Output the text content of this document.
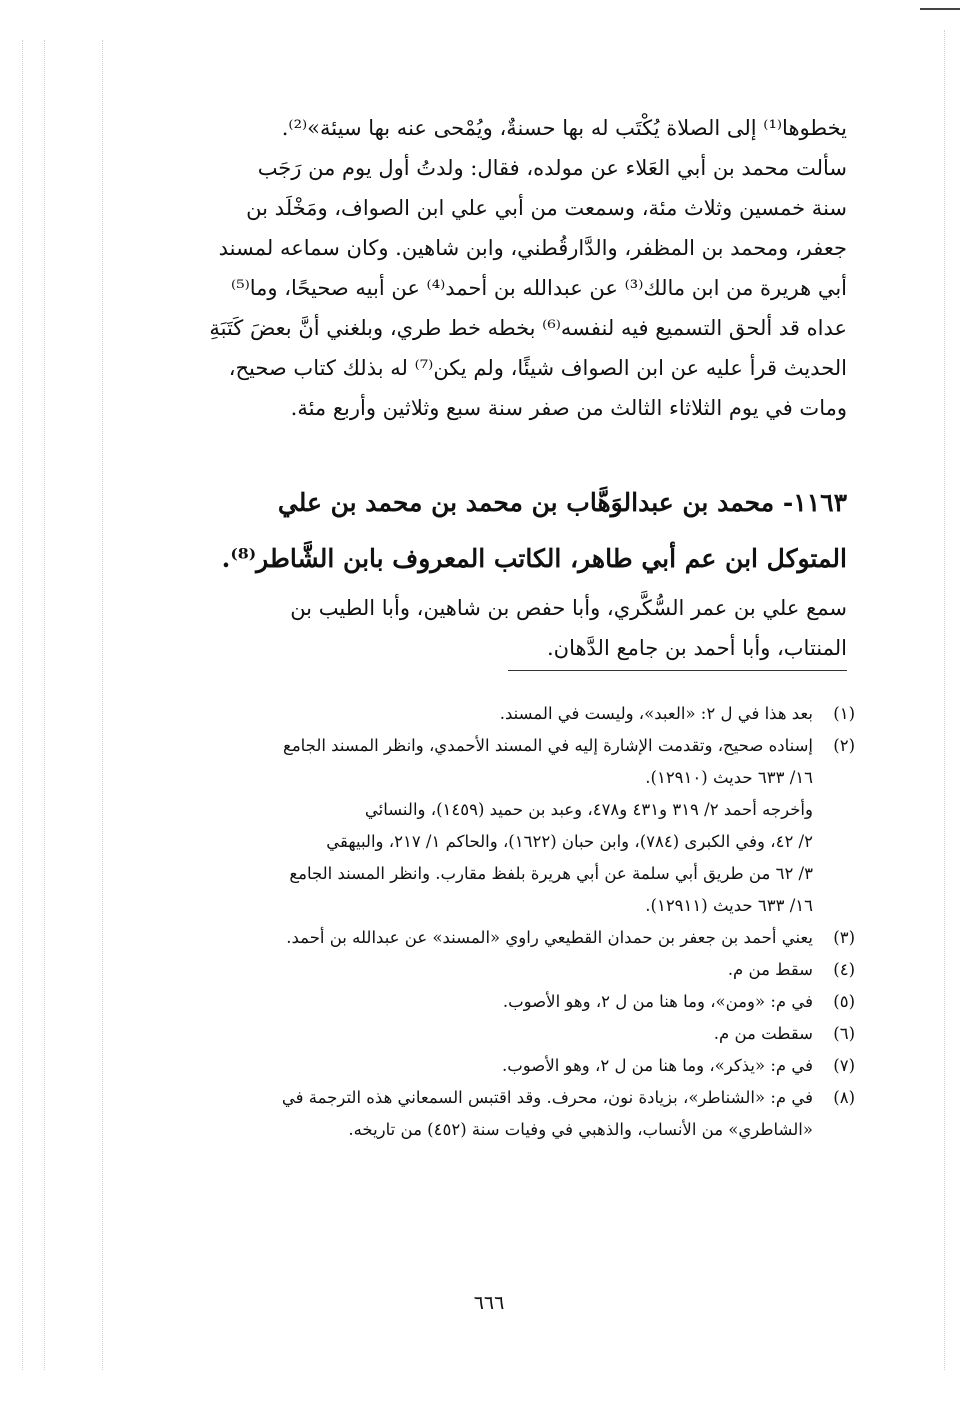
يخطوها⁽¹⁾ إلى الصلاة يُكْتَب له بها حسنةٌ، ويُمْحى عنه بها سيئة»⁽²⁾.
سألت محمد بن أبي العَلاء عن مولده، فقال: ولدتُ أول يوم من رَجَب
سنة خمسين وثلاث مئة، وسمعت من أبي علي ابن الصواف، ومَخْلَد بن
جعفر، ومحمد بن المظفر، والدَّارقُطني، وابن شاهين. وكان سماعه لمسند
أبي هريرة من ابن مالك⁽³⁾ عن عبدالله بن أحمد⁽⁴⁾ عن أبيه صحيحًا، وما⁽⁵⁾
عداه قد ألحق التسميع فيه لنفسه⁽⁶⁾ بخطه خط طري، وبلغني أنَّ بعضَ كَتَبَةِ
الحديث قرأ عليه عن ابن الصواف شيئًا، ولم يكن⁽⁷⁾ له بذلك كتاب صحيح،
ومات في يوم الثلاثاء الثالث من صفر سنة سبع وثلاثين وأربع مئة.
١١٦٣- محمد بن عبدالوَهَّاب بن محمد بن محمد بن علي
المتوكل ابن عم أبي طاهر، الكاتب المعروف بابن الشَّاطر⁽⁸⁾.
سمع علي بن عمر السُّكَّري، وأبا حفص بن شاهين، وأبا الطيب بن
المنتاب، وأبا أحمد بن جامع الدَّهان.
(١)
بعد هذا في ل ٢: «العبد»، وليست في المسند.
(٢)
إسناده صحيح، وتقدمت الإشارة إليه في المسند الأحمدي، وانظر المسند الجامع
١٦/ ٦٣٣ حديث (١٢٩١٠).
وأخرجه أحمد ٢/ ٣١٩ و٤٣١ و٤٧٨، وعبد بن حميد (١٤٥٩)، والنسائي
٢/ ٤٢، وفي الكبرى (٧٨٤)، وابن حبان (١٦٢٢)، والحاكم ١/ ٢١٧، والبيهقي
٣/ ٦٢ من طريق أبي سلمة عن أبي هريرة بلفظ مقارب. وانظر المسند الجامع
١٦/ ٦٣٣ حديث (١٢٩١١).
(٣)
يعني أحمد بن جعفر بن حمدان القطيعي راوي «المسند» عن عبدالله بن أحمد.
(٤)
سقط من م.
(٥)
في م: «ومن»، وما هنا من ل ٢، وهو الأصوب.
(٦)
سقطت من م.
(٧)
في م: «يذكر»، وما هنا من ل ٢، وهو الأصوب.
(٨)
في م: «الشناطر»، بزيادة نون، محرف. وقد اقتبس السمعاني هذه الترجمة في
«الشاطري» من الأنساب، والذهبي في وفيات سنة (٤٥٢) من تاريخه.
٦٦٦
